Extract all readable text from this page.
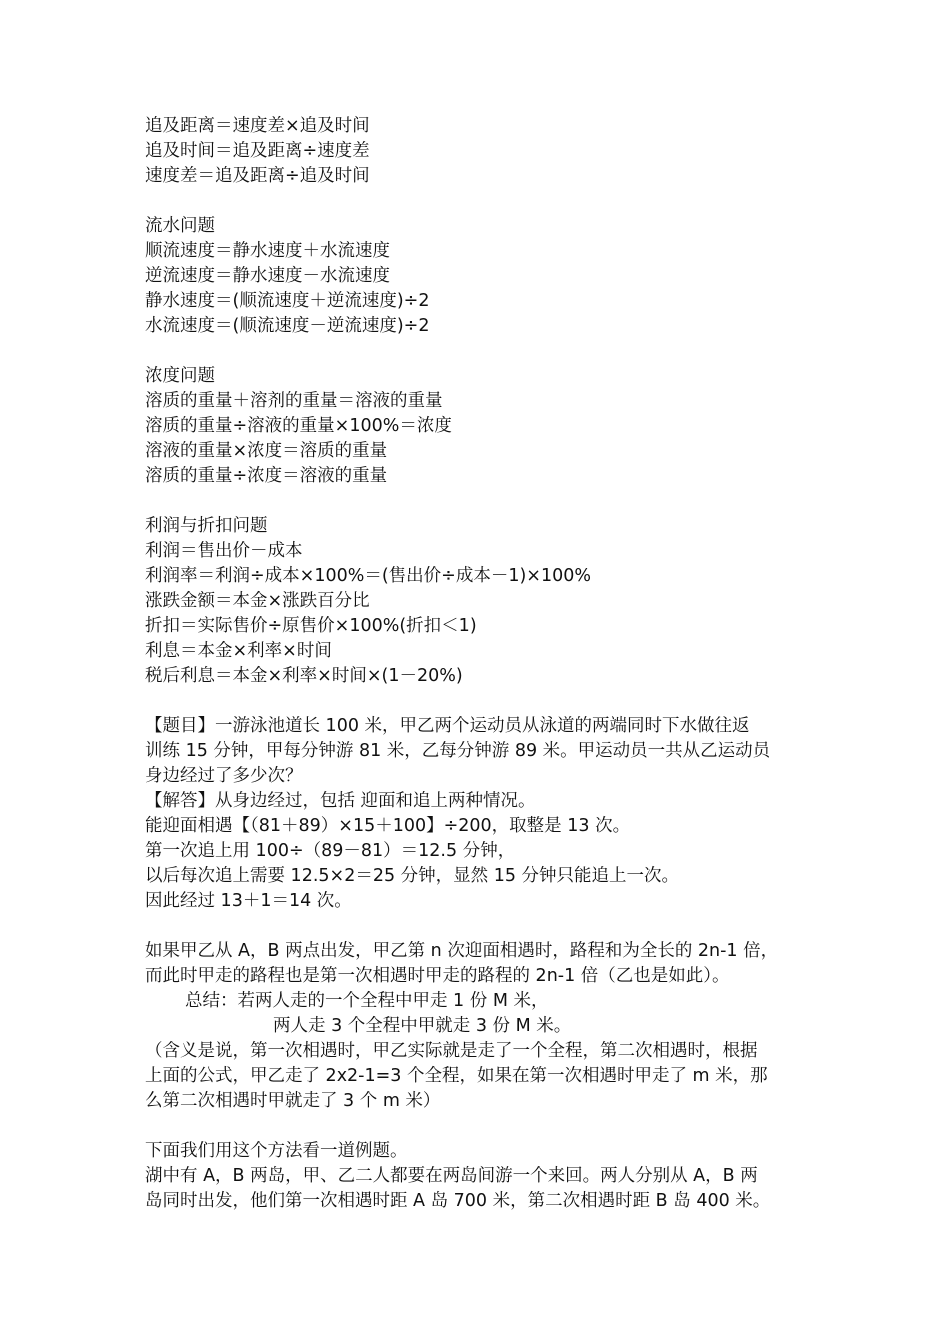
追及距离＝速度差×追及时间
追及时间＝追及距离÷速度差
速度差＝追及距离÷追及时间
流水问题
顺流速度＝静水速度＋水流速度
逆流速度＝静水速度－水流速度
静水速度＝(顺流速度＋逆流速度)÷2
水流速度＝(顺流速度－逆流速度)÷2
浓度问题
溶质的重量＋溶剂的重量＝溶液的重量
溶质的重量÷溶液的重量×100%＝浓度
溶液的重量×浓度＝溶质的重量
溶质的重量÷浓度＝溶液的重量
利润与折扣问题
利润＝售出价－成本
利润率＝利润÷成本×100%＝(售出价÷成本－1)×100%
涨跌金额＝本金×涨跌百分比
折扣＝实际售价÷原售价×100%(折扣＜1)
利息＝本金×利率×时间
税后利息＝本金×利率×时间×(1－20%)
【题目】一游泳池道长 100 米，甲乙两个运动员从泳道的两端同时下水做往返
训练 15 分钟，甲每分钟游 81 米，乙每分钟游 89 米。甲运动员一共从乙运动员
身边经过了多少次？
【解答】从身边经过，包括 迎面和追上两种情况。
能迎面相遇【（81＋89）×15＋100】÷200，取整是 13 次。
第一次追上用 100÷（89－81）＝12.5 分钟，
以后每次追上需要 12.5×2＝25 分钟，显然 15 分钟只能追上一次。
因此经过 13＋1＝14 次。
如果甲乙从 A，B 两点出发，甲乙第 n 次迎面相遇时，路程和为全长的 2n-1 倍，
而此时甲走的路程也是第一次相遇时甲走的路程的 2n-1 倍（乙也是如此）。
总结：若两人走的一个全程中甲走 1 份 M 米，
两人走 3 个全程中甲就走 3 份 M 米。
（含义是说，第一次相遇时，甲乙实际就是走了一个全程，第二次相遇时，根据
上面的公式，甲乙走了 2x2-1=3 个全程，如果在第一次相遇时甲走了 m 米，那
么第二次相遇时甲就走了 3 个 m 米）
下面我们用这个方法看一道例题。
湖中有 A，B 两岛，甲、乙二人都要在两岛间游一个来回。两人分别从 A，B 两
岛同时出发，他们第一次相遇时距 A 岛 700 米，第二次相遇时距 B 岛 400 米。
